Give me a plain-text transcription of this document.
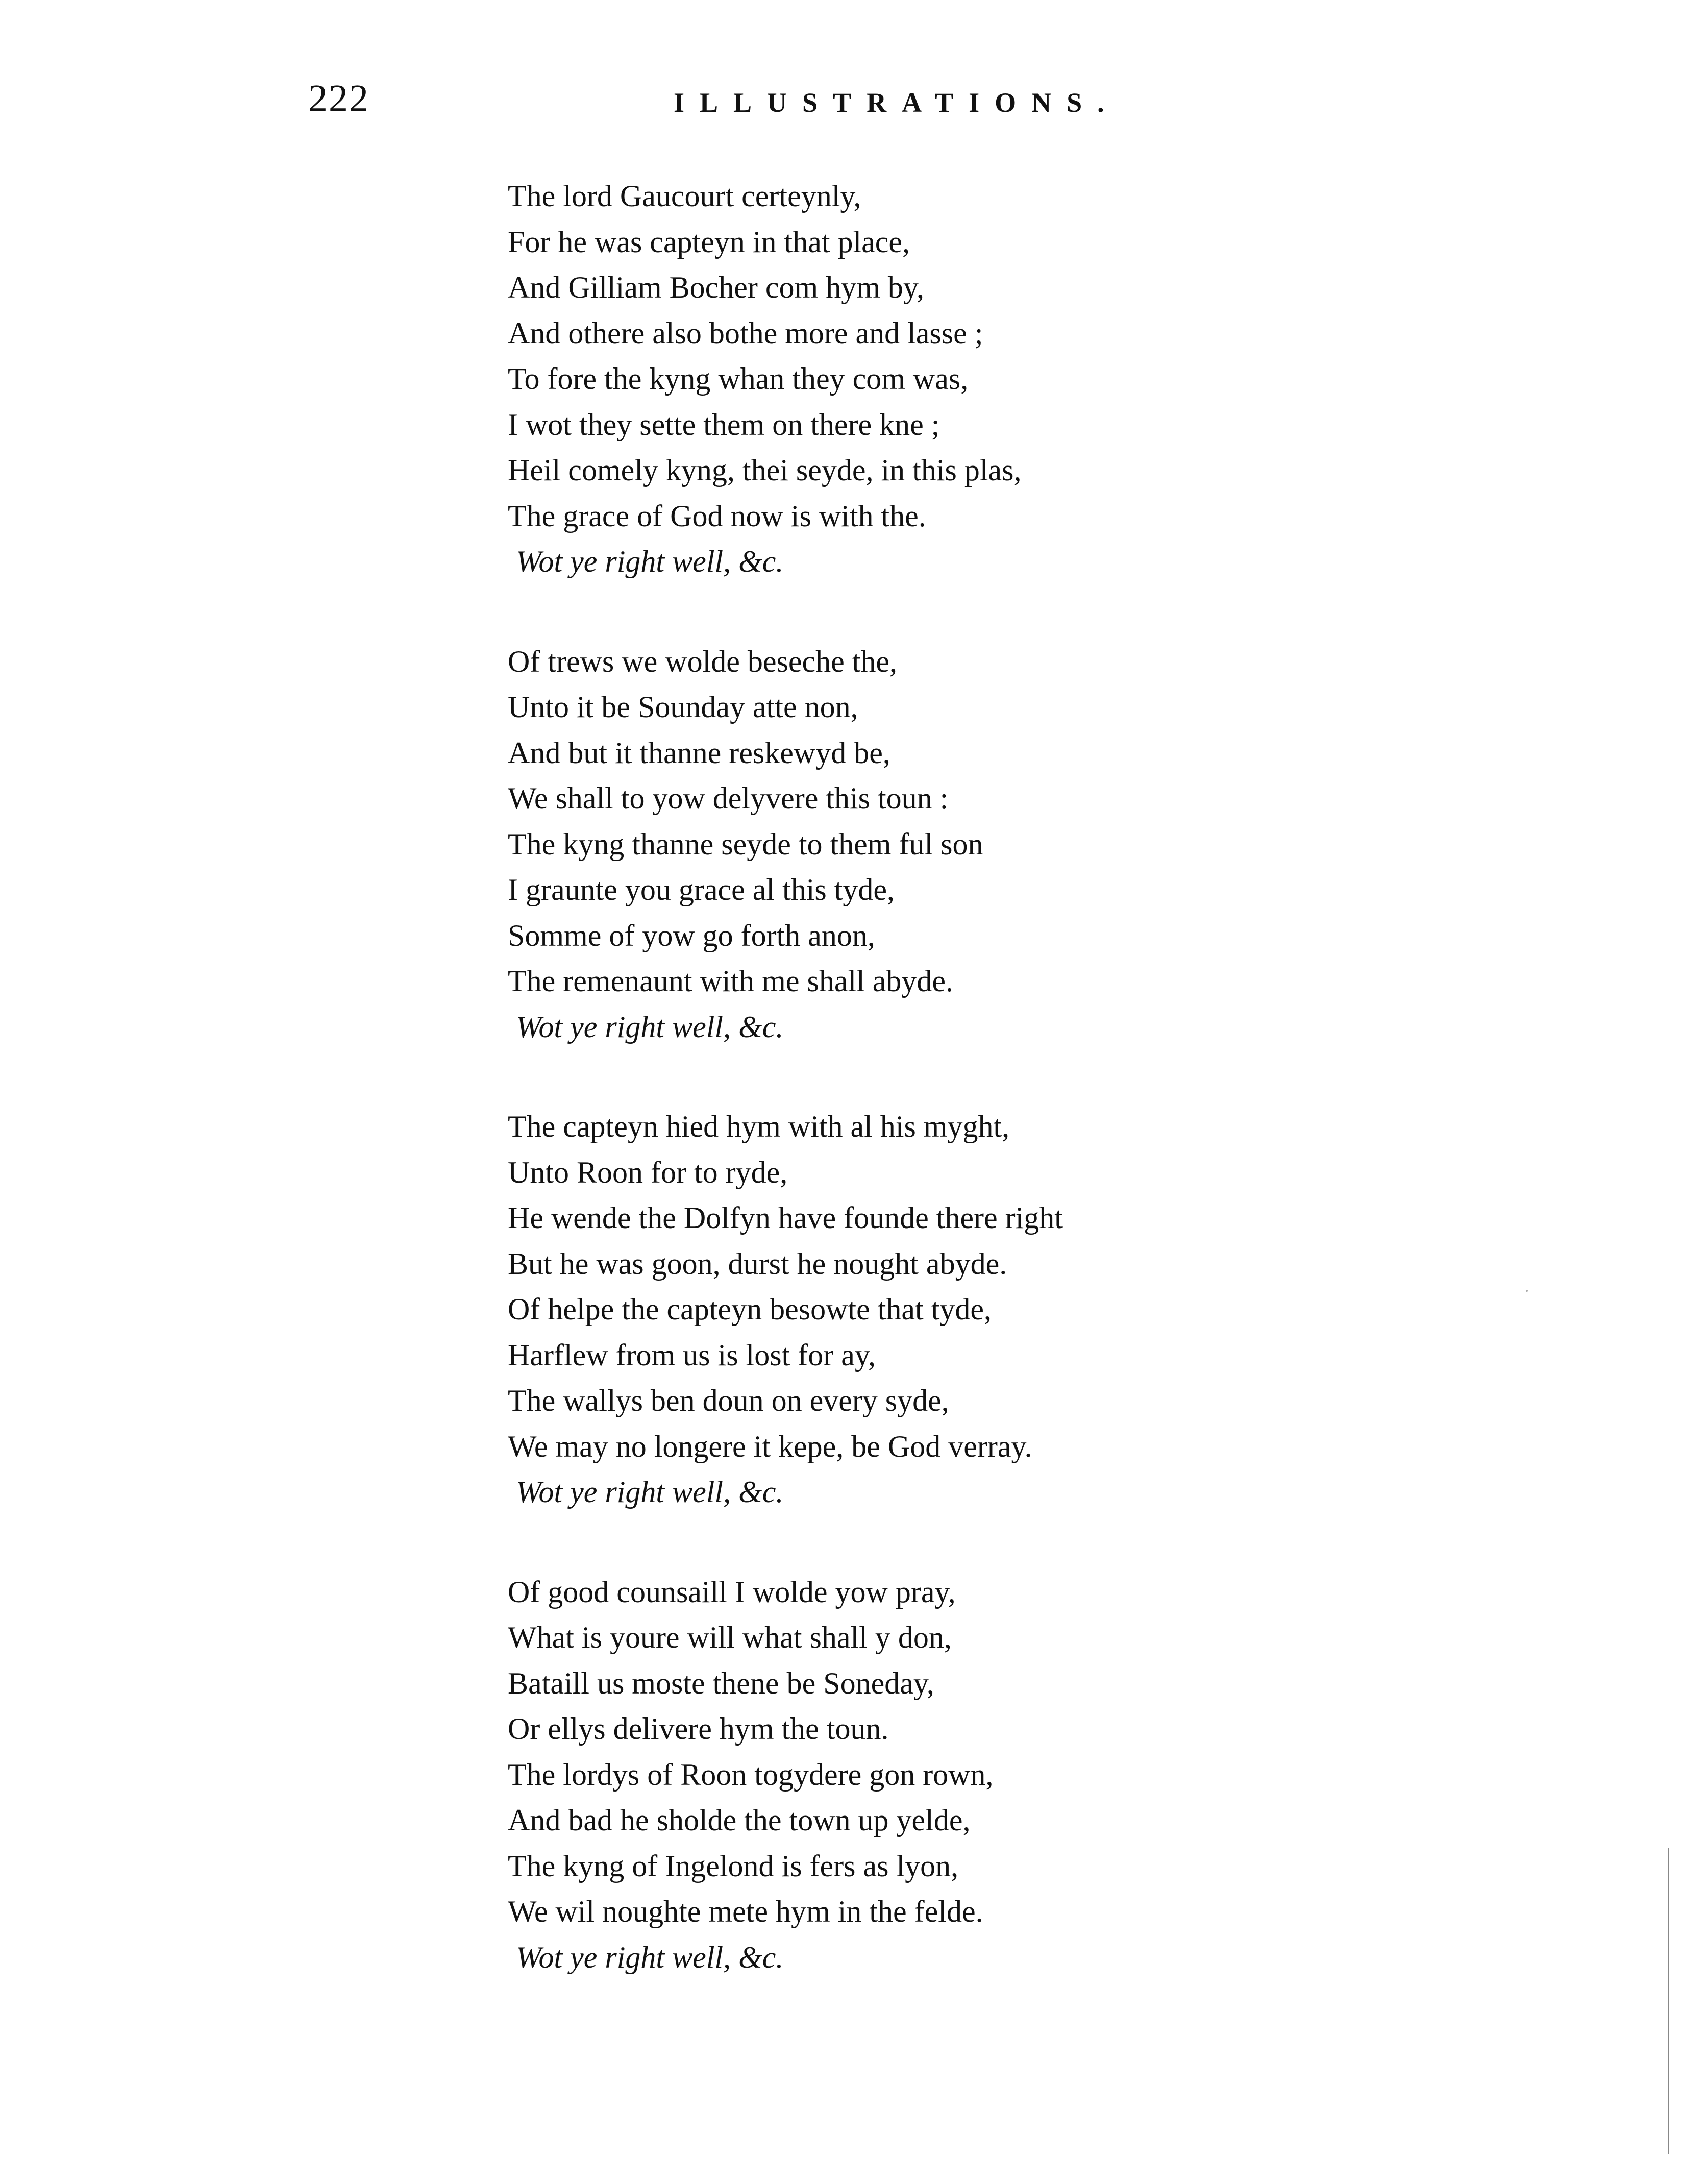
222	ILLUSTRATIONS.
The lord Gaucourt certeynly,
For he was capteyn in that place,
And Gilliam Bocher com hym by,
And othere also bothe more and lasse ;
To fore the kyng whan they com was,
I wot they sette them on there kne ;
Heil comely kyng, thei seyde, in this plas,
The grace of God now is with the.
Wot ye right well, &c.
Of trews we wolde beseche the,
Unto it be Sounday atte non,
And but it thanne reskewyd be,
We shall to yow delyvere this toun :
The kyng thanne seyde to them ful son
I graunte you grace al this tyde,
Somme of yow go forth anon,
The remenaunt with me shall abyde.
Wot ye right well, &c.
The capteyn hied hym with al his myght,
Unto Roon for to ryde,
He wende the Dolfyn have founde there right
But he was goon, durst he nought abyde.
Of helpe the capteyn besowte that tyde,
Harflew from us is lost for ay,
The wallys ben doun on every syde,
We may no longere it kepe, be God verray.
Wot ye right well, &c.
Of good counsaill I wolde yow pray,
What is youre will what shall y don,
Bataill us moste thene be Soneday,
Or ellys delivere hym the toun.
The lordys of Roon togydere gon rown,
And bad he sholde the town up yelde,
The kyng of Ingelond is fers as lyon,
We wil noughte mete hym in the felde.
Wot ye right well, &c.
